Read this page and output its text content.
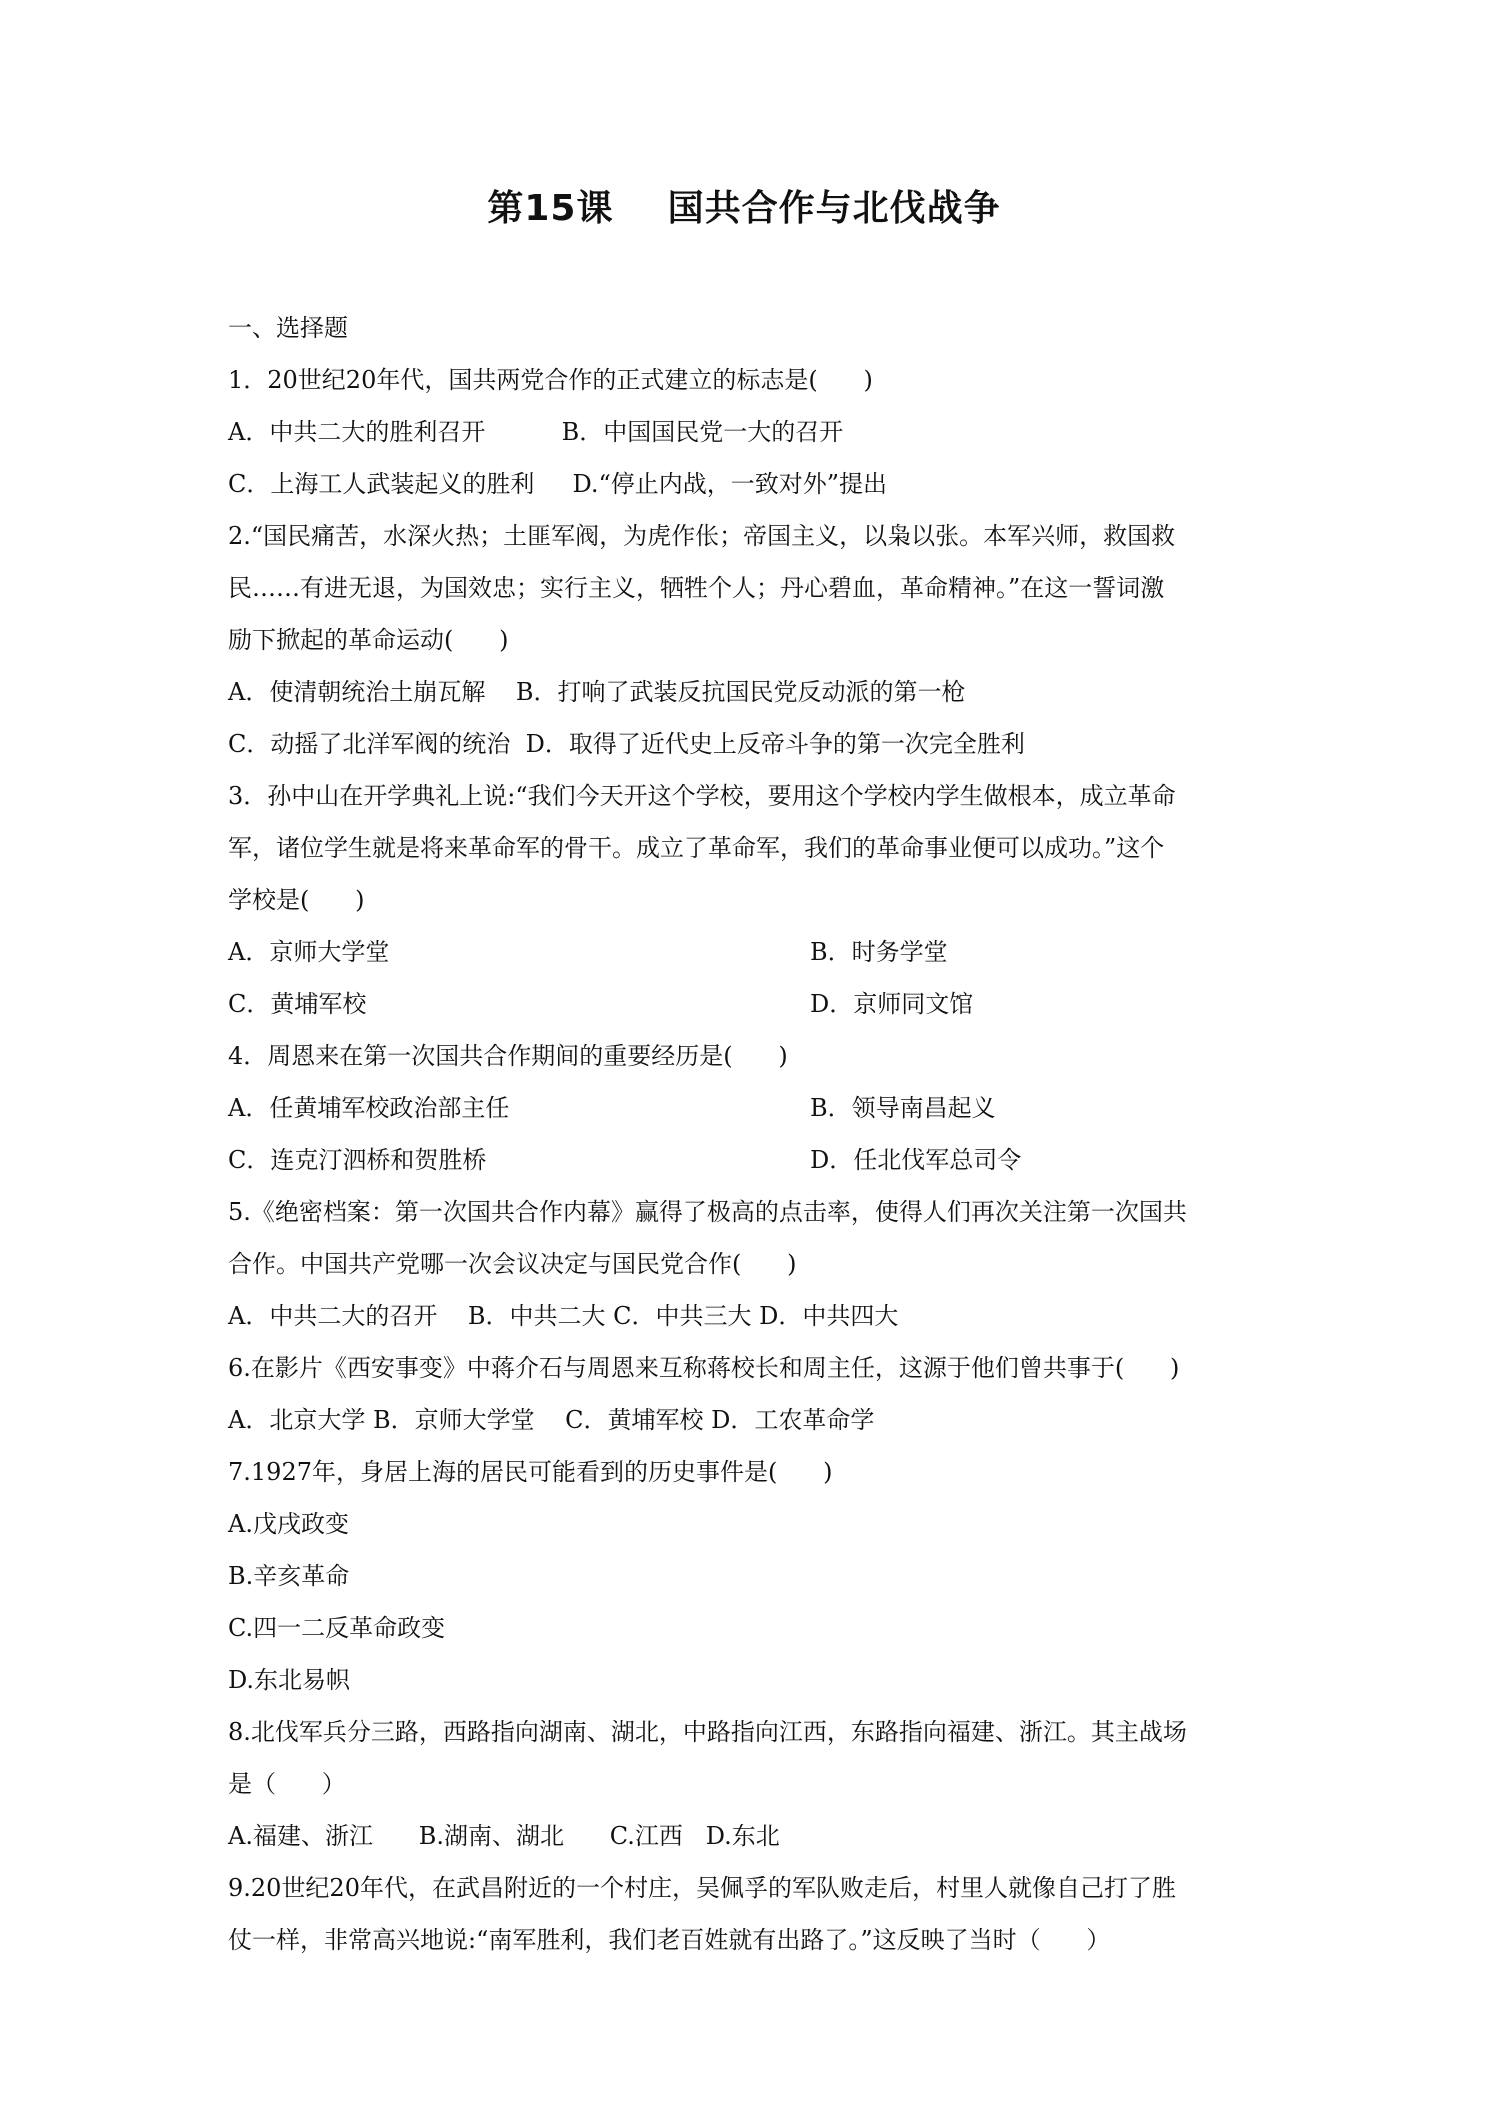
第15课    国共合作与北伐战争
一、选择题
1．20世纪20年代，国共两党合作的正式建立的标志是(      )
A．中共二大的胜利召开          B．中国国民党一大的召开
C．上海工人武装起义的胜利     D.“停止内战，一致对外”提出
2.“国民痛苦，水深火热；土匪军阀，为虎作伥；帝国主义，以枭以张。本军兴师，救国救
民……有进无退，为国效忠；实行主义，牺牲个人；丹心碧血，革命精神。”在这一誓词激
励下掀起的革命运动(      )
A．使清朝统治土崩瓦解    B．打响了武装反抗国民党反动派的第一枪
C．动摇了北洋军阀的统治  D．取得了近代史上反帝斗争的第一次完全胜利
3．孙中山在开学典礼上说:“我们今天开这个学校，要用这个学校内学生做根本，成立革命
军，诸位学生就是将来革命军的骨干。成立了革命军，我们的革命事业便可以成功。”这个
学校是(      )

A．京师大学堂

	B．时务学堂

C．黄埔军校

	D．京师同文馆

4．周恩来在第一次国共合作期间的重要经历是(      )

A．任黄埔军校政治部主任

	B．领导南昌起义

C．连克汀泗桥和贺胜桥

	D．任北伐军总司令

5.《绝密档案：第一次国共合作内幕》赢得了极高的点击率，使得人们再次关注第一次国共
合作。中国共产党哪一次会议决定与国民党合作(      )
A．中共二大的召开    B．中共二大 C．中共三大 D．中共四大
6.在影片《西安事变》中蒋介石与周恩来互称蒋校长和周主任，这源于他们曾共事于(      )
A．北京大学 B．京师大学堂    C．黄埔军校 D．工农革命学
7.1927年，身居上海的居民可能看到的历史事件是(      )
A.戊戌政变
B.辛亥革命
C.四一二反革命政变
D.东北易帜
8.北伐军兵分三路，西路指向湖南、湖北，中路指向江西，东路指向福建、浙江。其主战场
是（      ）
A.福建、浙江      B.湖南、湖北      C.江西   D.东北
9.20世纪20年代，在武昌附近的一个村庄，吴佩孚的军队败走后，村里人就像自己打了胜
仗一样，非常高兴地说:“南军胜利，我们老百姓就有出路了。”这反映了当时（      ）
